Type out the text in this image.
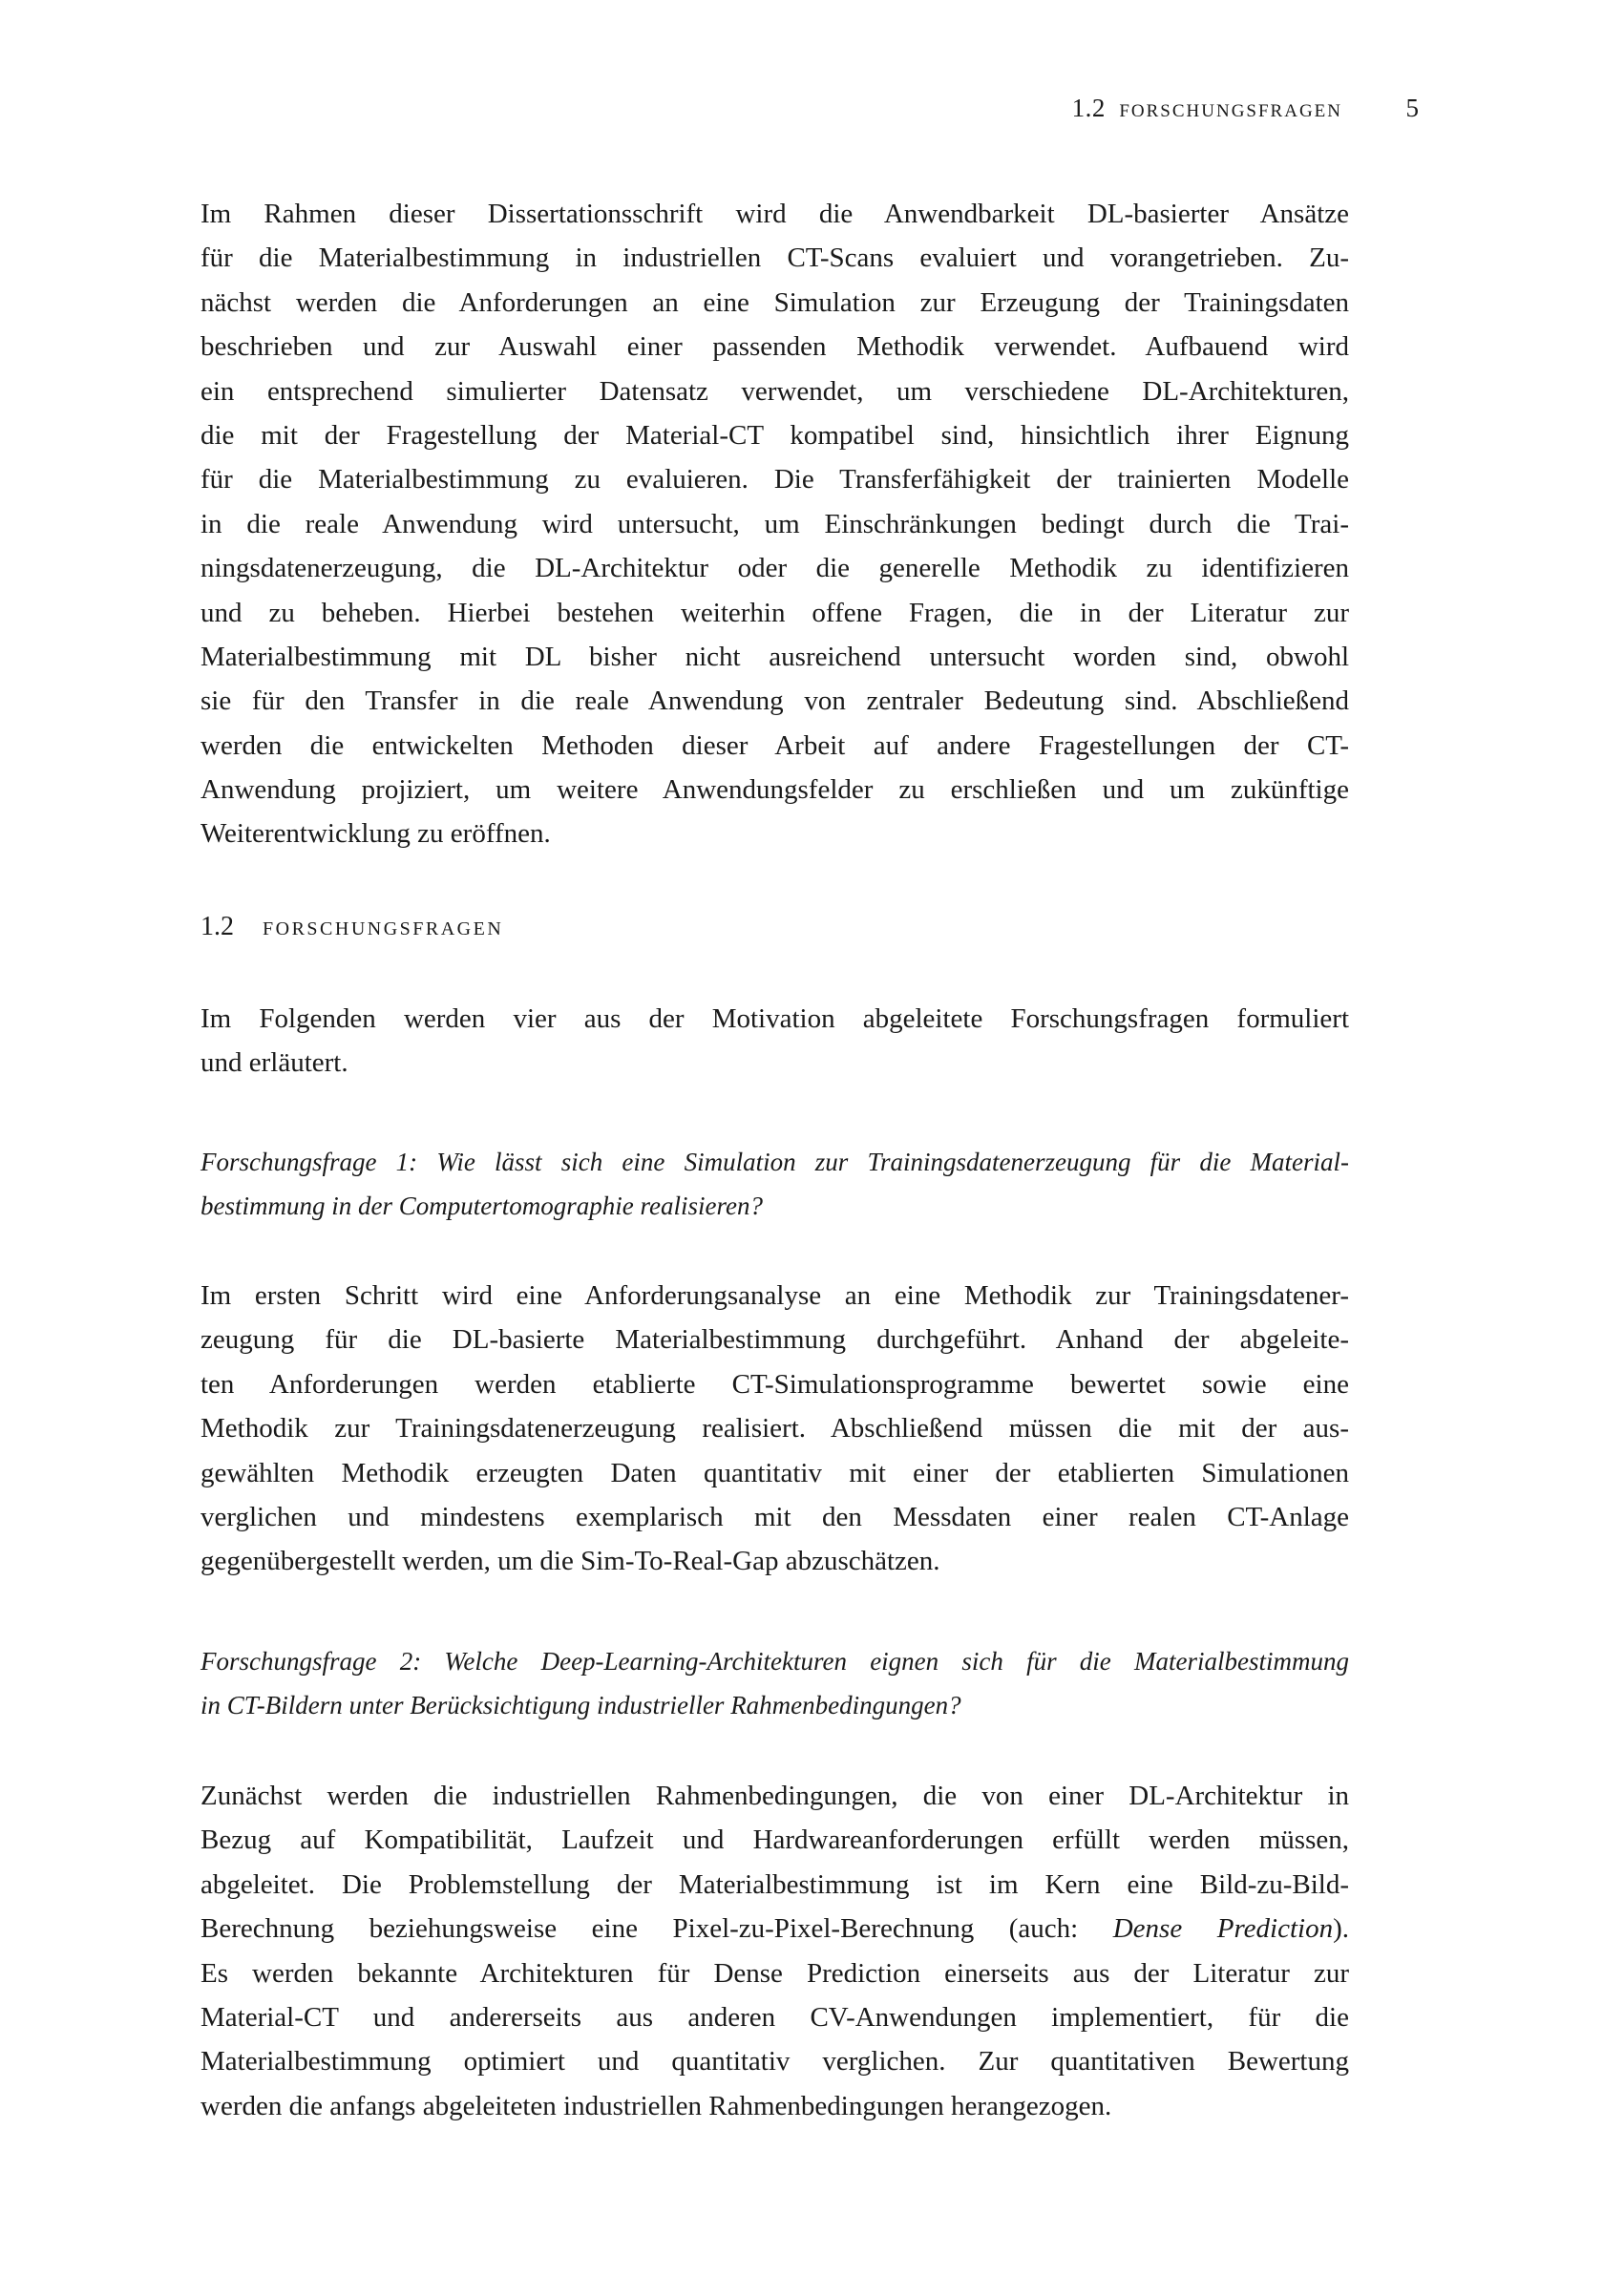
1.2 forschungsfragen 5
Im Rahmen dieser Dissertationsschrift wird die Anwendbarkeit DL-basierter Ansätze
für die Materialbestimmung in industriellen CT-Scans evaluiert und vorangetrieben. Zu-
nächst werden die Anforderungen an eine Simulation zur Erzeugung der Trainingsdaten
beschrieben und zur Auswahl einer passenden Methodik verwendet. Aufbauend wird
ein entsprechend simulierter Datensatz verwendet, um verschiedene DL-Architekturen,
die mit der Fragestellung der Material-CT kompatibel sind, hinsichtlich ihrer Eignung
für die Materialbestimmung zu evaluieren. Die Transferfähigkeit der trainierten Modelle
in die reale Anwendung wird untersucht, um Einschränkungen bedingt durch die Trai-
ningsdatenerzeugung, die DL-Architektur oder die generelle Methodik zu identifizieren
und zu beheben. Hierbei bestehen weiterhin offene Fragen, die in der Literatur zur
Materialbestimmung mit DL bisher nicht ausreichend untersucht worden sind, obwohl
sie für den Transfer in die reale Anwendung von zentraler Bedeutung sind. Abschließend
werden die entwickelten Methoden dieser Arbeit auf andere Fragestellungen der CT-
Anwendung projiziert, um weitere Anwendungsfelder zu erschließen und um zukünftige
Weiterentwicklung zu eröffnen.
1.2 forschungsfragen
Im Folgenden werden vier aus der Motivation abgeleitete Forschungsfragen formuliert
und erläutert.
Forschungsfrage 1: Wie lässt sich eine Simulation zur Trainingsdatenerzeugung für die Material-
bestimmung in der Computertomographie realisieren?
Im ersten Schritt wird eine Anforderungsanalyse an eine Methodik zur Trainingsdatener-
zeugung für die DL-basierte Materialbestimmung durchgeführt. Anhand der abgeleite-
ten Anforderungen werden etablierte CT-Simulationsprogramme bewertet sowie eine
Methodik zur Trainingsdatenerzeugung realisiert. Abschließend müssen die mit der aus-
gewählten Methodik erzeugten Daten quantitativ mit einer der etablierten Simulationen
verglichen und mindestens exemplarisch mit den Messdaten einer realen CT-Anlage
gegenübergestellt werden, um die Sim-To-Real-Gap abzuschätzen.
Forschungsfrage 2: Welche Deep-Learning-Architekturen eignen sich für die Materialbestimmung
in CT-Bildern unter Berücksichtigung industrieller Rahmenbedingungen?
Zunächst werden die industriellen Rahmenbedingungen, die von einer DL-Architektur in
Bezug auf Kompatibilität, Laufzeit und Hardwareanforderungen erfüllt werden müssen,
abgeleitet. Die Problemstellung der Materialbestimmung ist im Kern eine Bild-zu-Bild-
Berechnung beziehungsweise eine Pixel-zu-Pixel-Berechnung (auch: Dense Prediction).
Es werden bekannte Architekturen für Dense Prediction einerseits aus der Literatur zur
Material-CT und andererseits aus anderen CV-Anwendungen implementiert, für die
Materialbestimmung optimiert und quantitativ verglichen. Zur quantitativen Bewertung
werden die anfangs abgeleiteten industriellen Rahmenbedingungen herangezogen.
